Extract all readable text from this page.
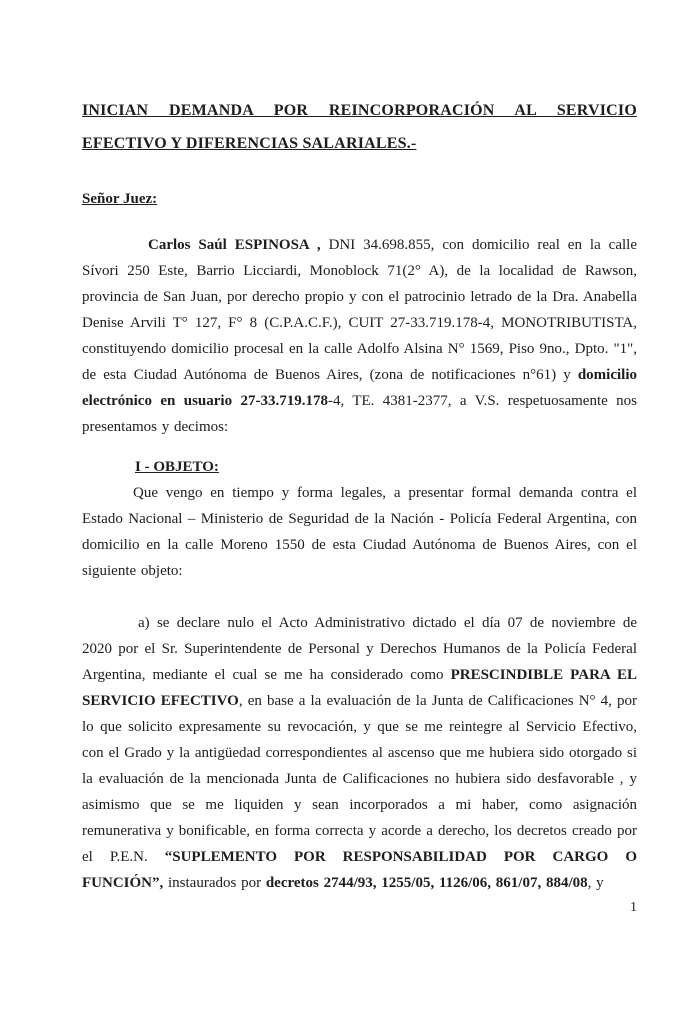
INICIAN DEMANDA POR REINCORPORACIÓN AL SERVICIO EFECTIVO Y DIFERENCIAS SALARIALES.-

Señor Juez:

Carlos Saúl ESPINOSA , DNI 34.698.855, con domicilio real en la calle Sívori 250 Este, Barrio Licciardi, Monoblock 71(2° A), de la localidad de Rawson, provincia de San Juan, por derecho propio y con el patrocinio letrado de la Dra. Anabella Denise Arvili T° 127, F° 8 (C.P.A.C.F.), CUIT 27-33.719.178-4, MONOTRIBUTISTA, constituyendo domicilio procesal en la calle Adolfo Alsina N° 1569, Piso 9no., Dpto. "1", de esta Ciudad Autónoma de Buenos Aires, (zona de notificaciones n°61) y domicilio electrónico en usuario 27-33.719.178-4, TE. 4381-2377, a V.S. respetuosamente nos presentamos y decimos:

I - OBJETO:

Que vengo en tiempo y forma legales, a presentar formal demanda contra el Estado Nacional – Ministerio de Seguridad de la Nación - Policía Federal Argentina, con domicilio en la calle Moreno 1550 de esta Ciudad Autónoma de Buenos Aires, con el siguiente objeto:

a) se declare nulo el Acto Administrativo dictado el día 07 de noviembre de 2020 por el Sr. Superintendente de Personal y Derechos Humanos de la Policía Federal Argentina, mediante el cual se me ha considerado como PRESCINDIBLE PARA EL SERVICIO EFECTIVO, en base a la evaluación de la Junta de Calificaciones N° 4, por lo que solicito expresamente su revocación, y que se me reintegre al Servicio Efectivo, con el Grado y la antigüedad correspondientes al ascenso que me hubiera sido otorgado si la evaluación de la mencionada Junta de Calificaciones no hubiera sido desfavorable , y asimismo que se me liquiden y sean incorporados a mi haber, como asignación remunerativa y bonificable, en forma correcta y acorde a derecho, los decretos creado por el P.E.N. “SUPLEMENTO POR RESPONSABILIDAD POR CARGO O FUNCIÓN”, instaurados por decretos 2744/93, 1255/05, 1126/06, 861/07, 884/08, y

1
